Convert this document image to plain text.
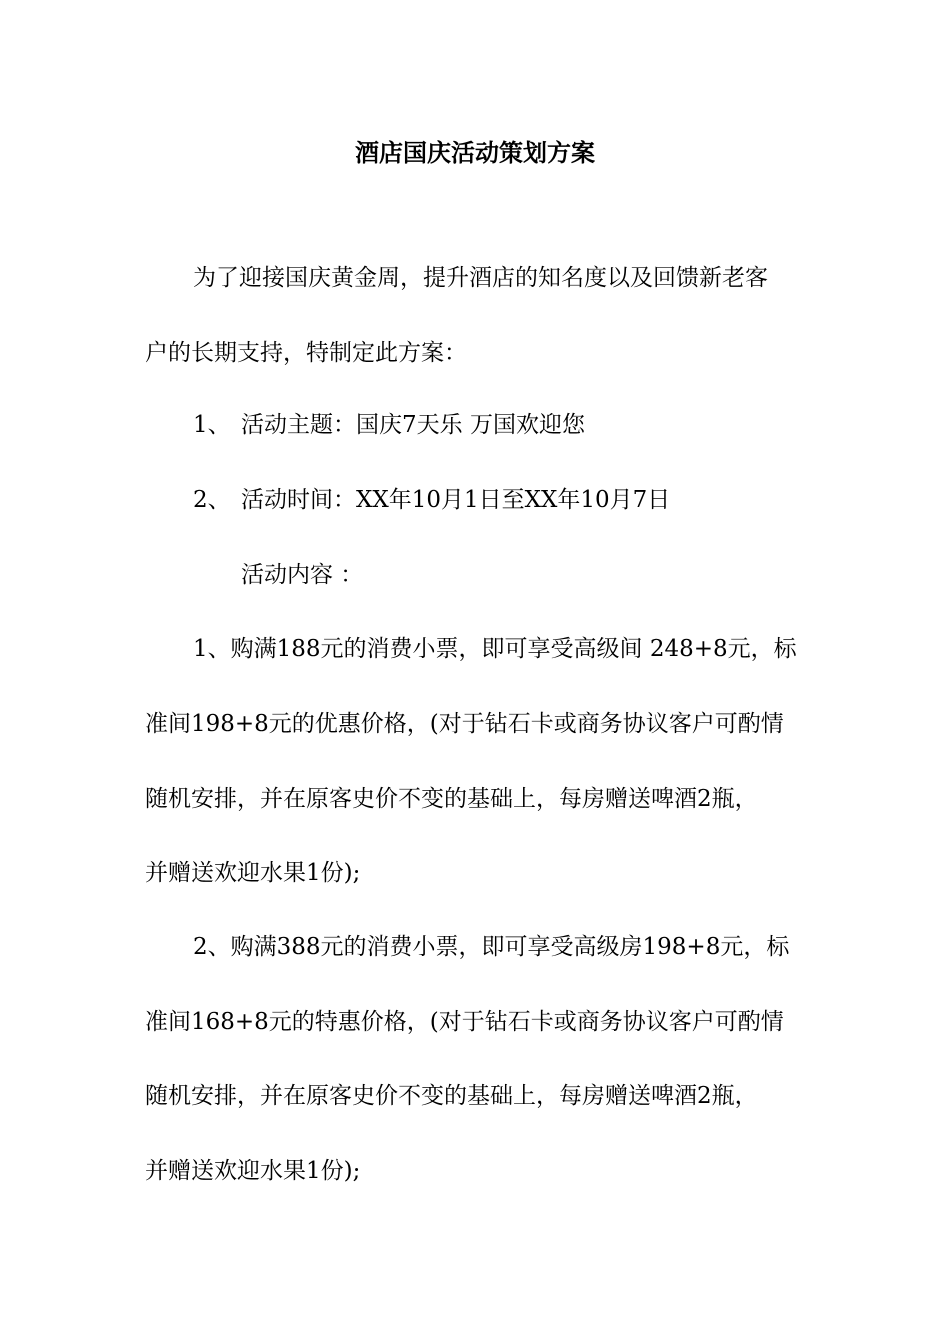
酒店国庆活动策划方案
为了迎接国庆黄金周，提升酒店的知名度以及回馈新老客
户的长期支持，特制定此方案：
1、 活动主题：国庆7天乐 万国欢迎您
2、 活动时间：XX年10月1日至XX年10月7日
活动内容 ：
1、购满188元的消费小票，即可享受高级间 248+8元，标
准间198+8元的优惠价格，(对于钻石卡或商务协议客户可酌情
随机安排，并在原客史价不变的基础上，每房赠送啤酒2瓶，
并赠送欢迎水果1份);
2、购满388元的消费小票，即可享受高级房198+8元，标
准间168+8元的特惠价格，(对于钻石卡或商务协议客户可酌情
随机安排，并在原客史价不变的基础上，每房赠送啤酒2瓶，
并赠送欢迎水果1份);
